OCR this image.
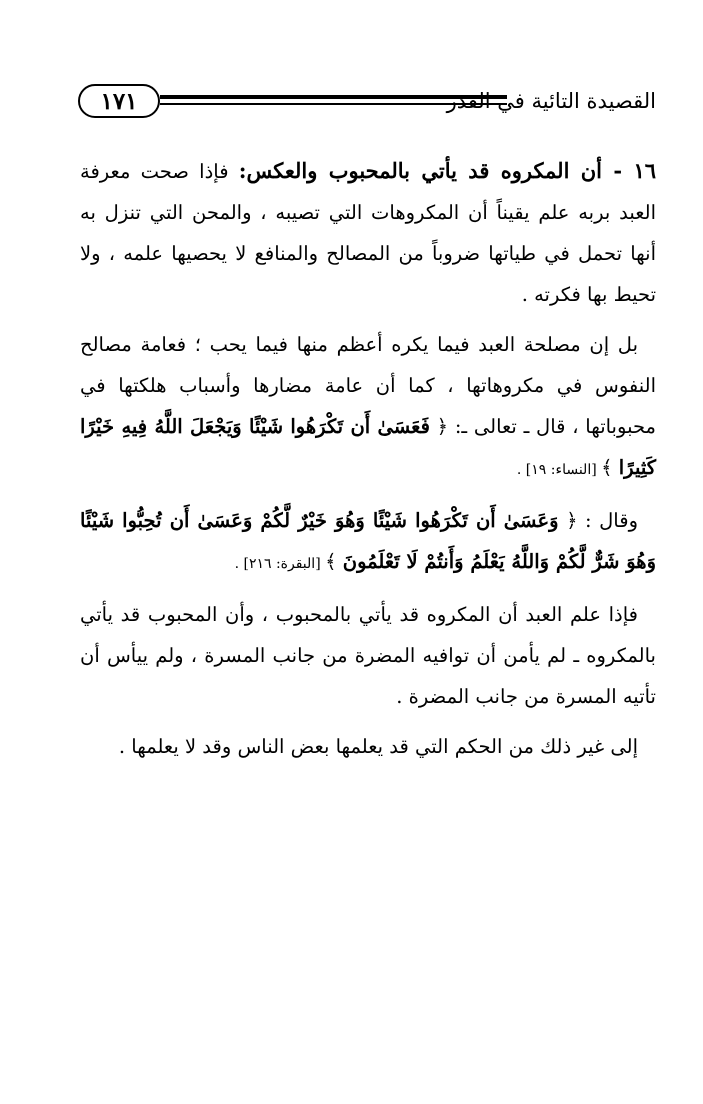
١٧١	القصيدة التائية في القدر

١٦ - أن المكروه قد يأتي بالمحبوب والعكس: فإذا صحت معرفة العبد بربه علم يقيناً أن المكروهات التي تصيبه ، والمحن التي تنزل به أنها تحمل في طياتها ضروباً من المصالح والمنافع لا يحصيها علمه ، ولا تحيط بها فكرته .

بل إن مصلحة العبد فيما يكره أعظم منها فيما يحب ؛ فعامة مصالح النفوس في مكروهاتها ، كما أن عامة مضارها وأسباب هلكتها في محبوباتها ، قال ـ تعالى ـ: ﴿ فَعَسَىٰ أَن تَكْرَهُوا شَيْئًا وَيَجْعَلَ اللَّهُ فِيهِ خَيْرًا كَثِيرًا ﴾ [النساء: ١٩] .

وقال : ﴿ وَعَسَىٰ أَن تَكْرَهُوا شَيْئًا وَهُوَ خَيْرٌ لَّكُمْ وَعَسَىٰ أَن تُحِبُّوا شَيْئًا وَهُوَ شَرٌّ لَّكُمْ وَاللَّهُ يَعْلَمُ وَأَنتُمْ لَا تَعْلَمُونَ ﴾ [البقرة: ٢١٦] .

فإذا علم العبد أن المكروه قد يأتي بالمحبوب ، وأن المحبوب قد يأتي بالمكروه ـ لم يأمن أن توافيه المضرة من جانب المسرة ، ولم ييأس أن تأتيه المسرة من جانب المضرة .

إلى غير ذلك من الحكم التي قد يعلمها بعض الناس وقد لا يعلمها .
